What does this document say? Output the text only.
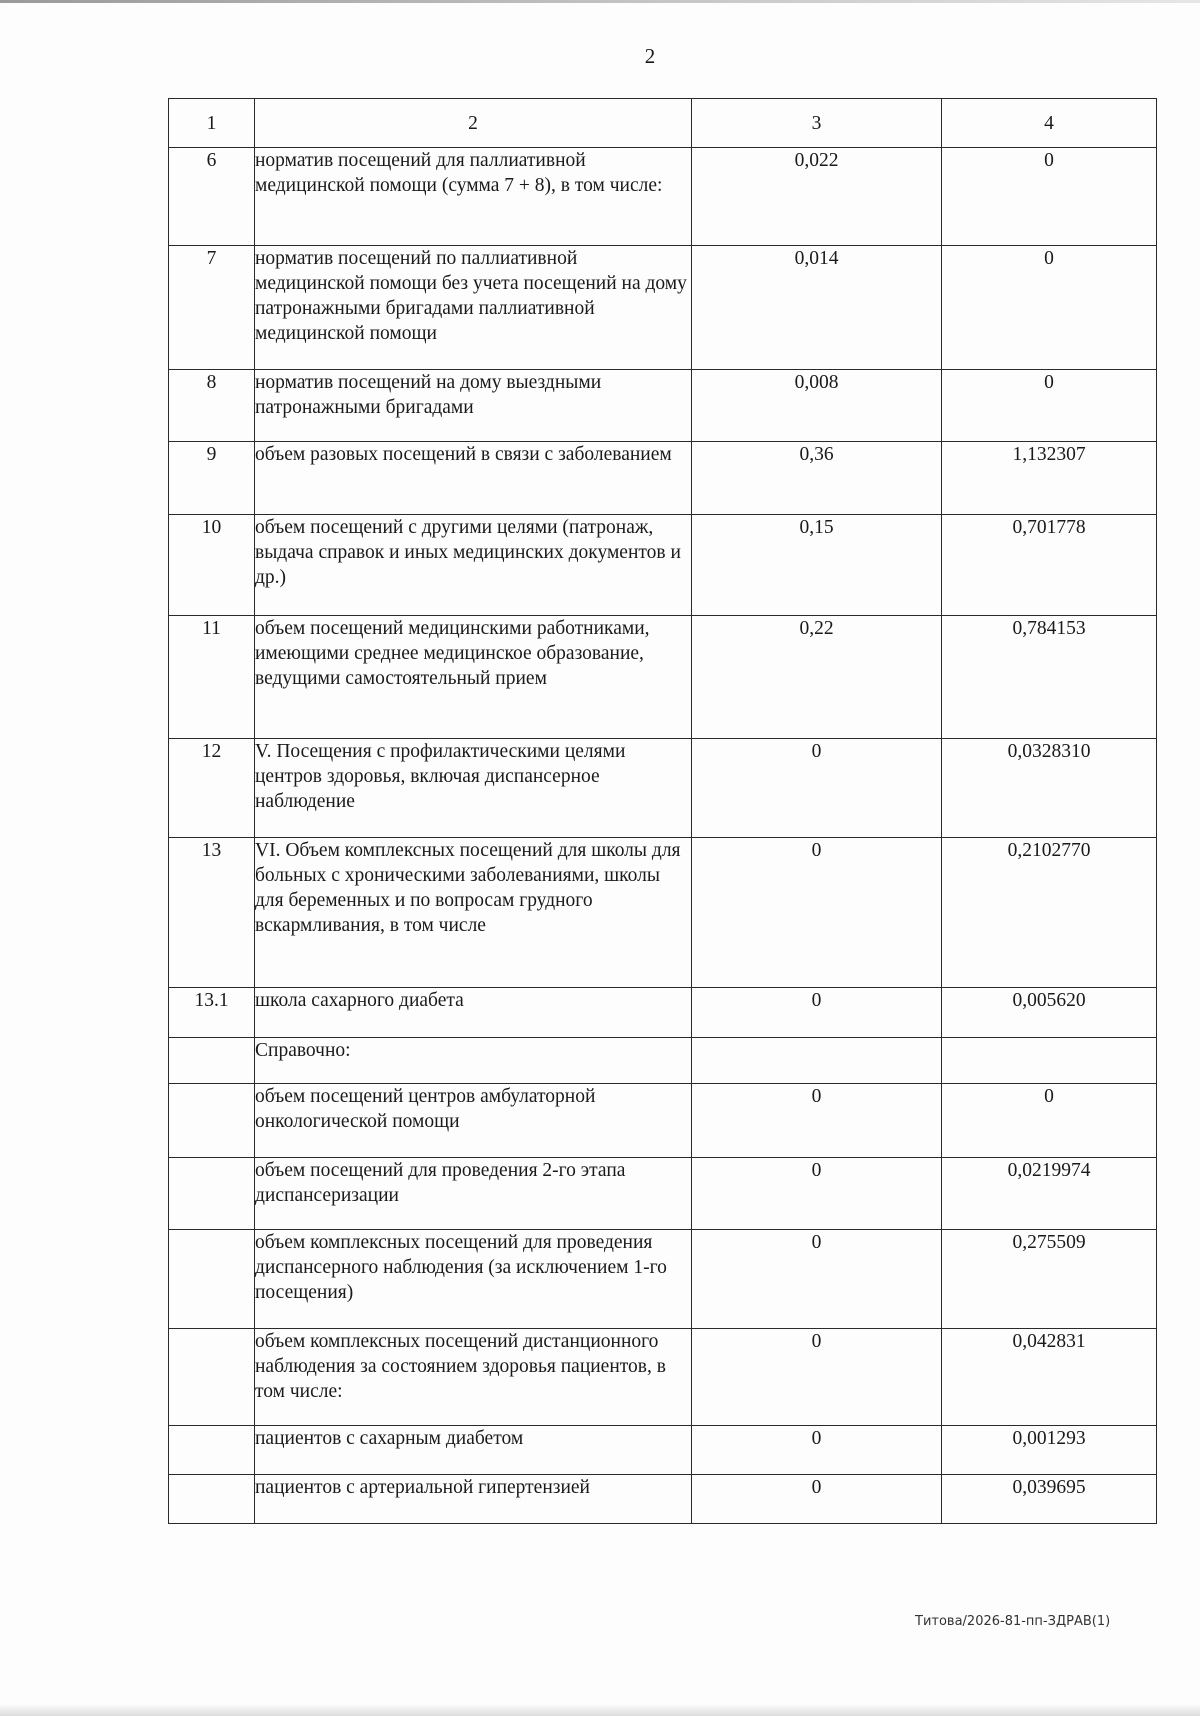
2
1	2	3	4
6	норматив посещений для паллиативной медицинской помощи (сумма 7 + 8), в том числе:	0,022	0
7	норматив посещений по паллиативной медицинской помощи без учета посещений на дому патронажными бригадами паллиативной медицинской помощи	0,014	0
8	норматив посещений на дому выездными патронажными бригадами	0,008	0
9	объем разовых посещений в связи с заболеванием	0,36	1,132307
10	объем посещений с другими целями (патронаж, выдача справок и иных медицинских документов и др.)	0,15	0,701778
11	объем посещений медицинскими работниками, имеющими среднее медицинское образование, ведущими самостоятельный прием	0,22	0,784153
12	V. Посещения с профилактическими целями центров здоровья, включая диспансерное наблюдение	0	0,0328310
13	VI. Объем комплексных посещений для школы для больных с хроническими заболеваниями, школы для беременных и по вопросам грудного вскармливания, в том числе	0	0,2102770
13.1	школа сахарного диабета	0	0,005620
	Справочно:		
	объем посещений центров амбулаторной онкологической помощи	0	0
	объем посещений для проведения 2-го этапа диспансеризации	0	0,0219974
	объем комплексных посещений для проведения диспансерного наблюдения (за исключением 1-го посещения)	0	0,275509
	объем комплексных посещений дистанционного наблюдения за состоянием здоровья пациентов, в том числе:	0	0,042831
	пациентов с сахарным диабетом	0	0,001293
	пациентов с артериальной гипертензией	0	0,039695
Титова/2026-81-пп-ЗДРАВ(1)
